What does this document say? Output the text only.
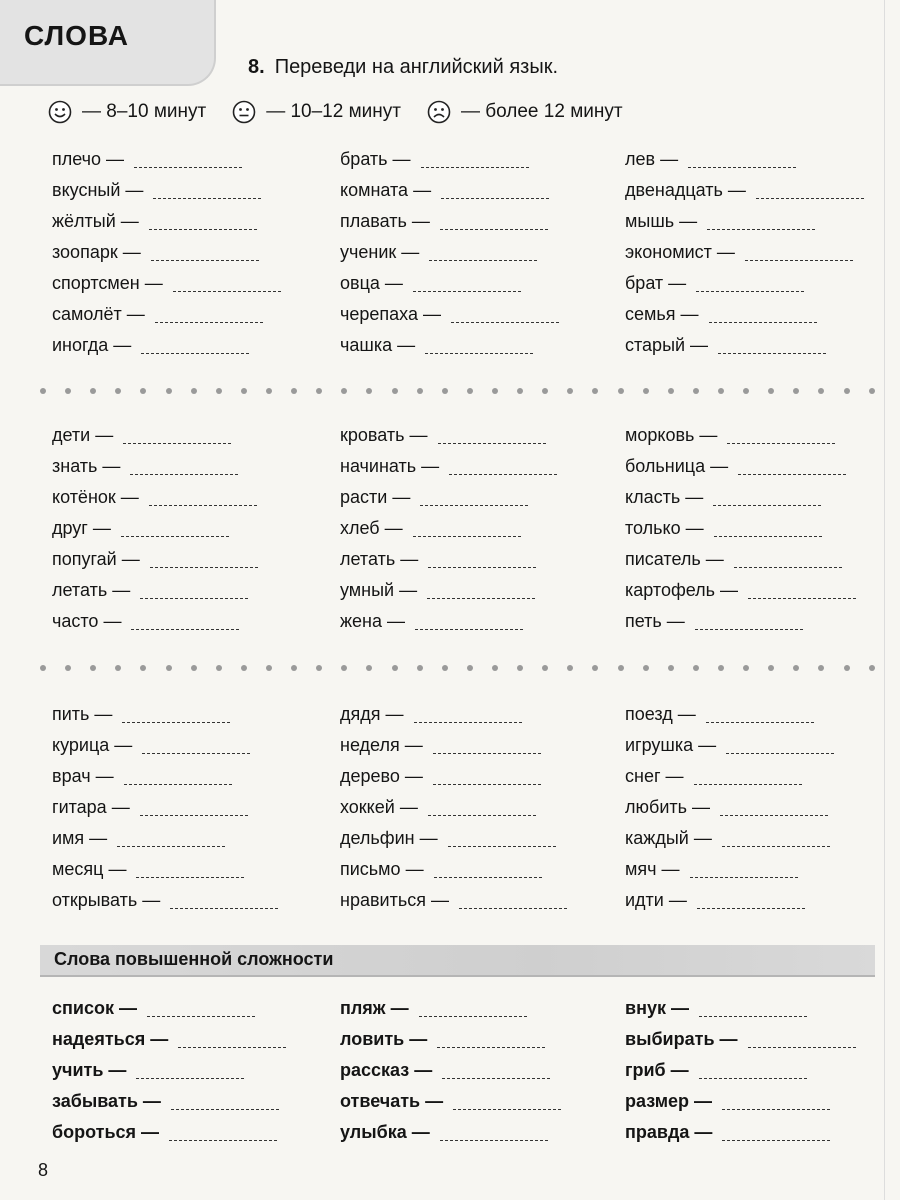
СЛОВА
8. Переведи на английский язык.
— 8–10 минут	— 10–12 минут	— более 12 минут
плечо —
вкусный —
жёлтый —
зоопарк —
спортсмен —
самолёт —
иногда —
брать —
комната —
плавать —
ученик —
овца —
черепаха —
чашка —
лев —
двенадцать —
мышь —
экономист —
брат —
семья —
старый —
дети —
знать —
котёнок —
друг —
попугай —
летать —
часто —
кровать —
начинать —
расти —
хлеб —
летать —
умный —
жена —
морковь —
больница —
класть —
только —
писатель —
картофель —
петь —
пить —
курица —
врач —
гитара —
имя —
месяц —
открывать —
дядя —
неделя —
дерево —
хоккей —
дельфин —
письмо —
нравиться —
поезд —
игрушка —
снег —
любить —
каждый —
мяч —
идти —
Слова повышенной сложности
список —
надеяться —
учить —
забывать —
бороться —
пляж —
ловить —
рассказ —
отвечать —
улыбка —
внук —
выбирать —
гриб —
размер —
правда —
8
